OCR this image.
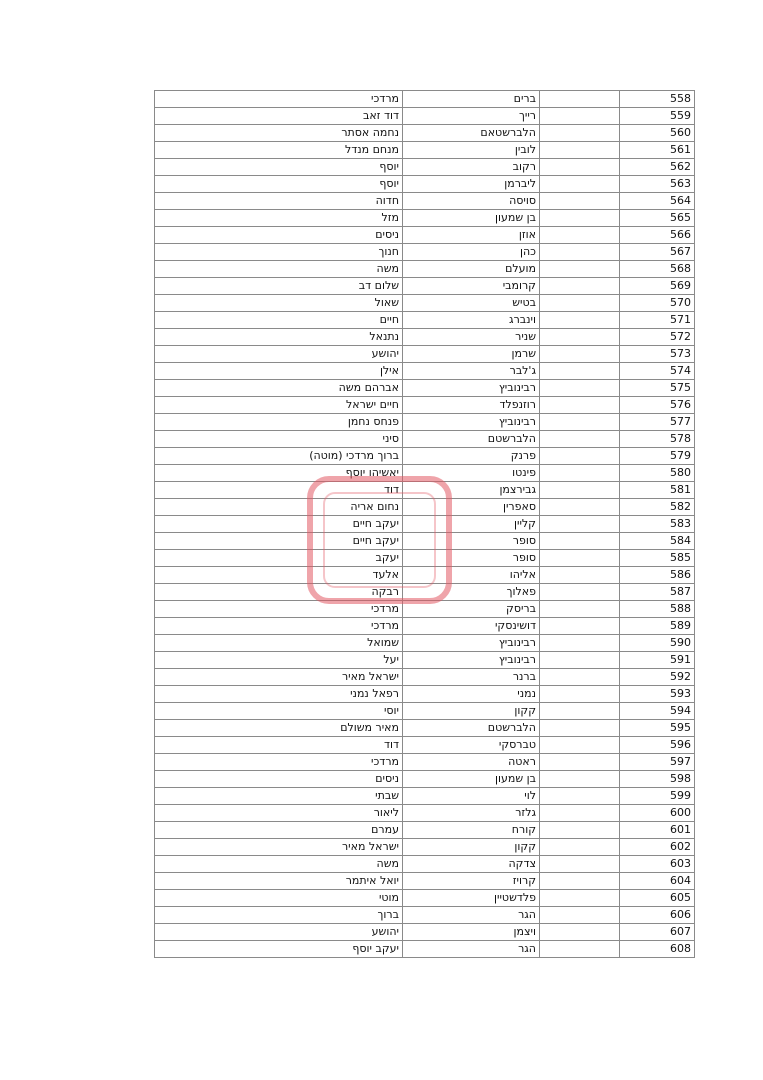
מרדכי	ברים		558
דוד זאב	רייך		559
נחמה אסתר	הלברשטאם		560
מנחם מנדל	לובין		561
יוסף	רקוב		562
יוסף	ליברמן		563
חדוה	סויסה		564
מזל	בן שמעון		565
ניסים	אוזן		566
חנוך	כהן		567
משה	מועלם		568
שלום דב	קרומבי		569
שאול	בטיש		570
חיים	וינברג		571
נתנאל	שניר		572
יהושע	שרמן		573
אילן	ג'לבר		574
אברהם משה	רבינוביץ		575
חיים ישראל	רוזנפלד		576
פנחס נחמן	רבינוביץ		577
סיני	הלברשטם		578
ברוך מרדכי (מוטה)	פרנק		579
יאשיהו יוסף	פינטו		580
דוד	גבירצמן		581
נחום אריה	סאפרין		582
יעקב חיים	קליין		583
יעקב חיים	סופר		584
יעקב	סופר		585
אלעד	אליהו		586
רבקה	פאלוך		587
מרדכי	בריסק		588
מרדכי	דושינסקי		589
שמואל	רבינוביץ		590
יעל	רבינוביץ		591
ישראל מאיר	ברנר		592
רפאל נמני	נמני		593
יוסי	קקון		594
מאיר משולם	הלברשטם		595
דוד	טברסקי		596
מרדכי	ראטה		597
ניסים	בן שמעון		598
שבתי	לוי		599
ליאור	גלזר		600
עמרם	קורח		601
ישראל מאיר	קקון		602
משה	צדקה		603
יואל איתמר	קרויז		604
מוטי	פלדשטיין		605
ברוך	הגר		606
יהושע	ויצמן		607
יעקב יוסף	הגר		608
